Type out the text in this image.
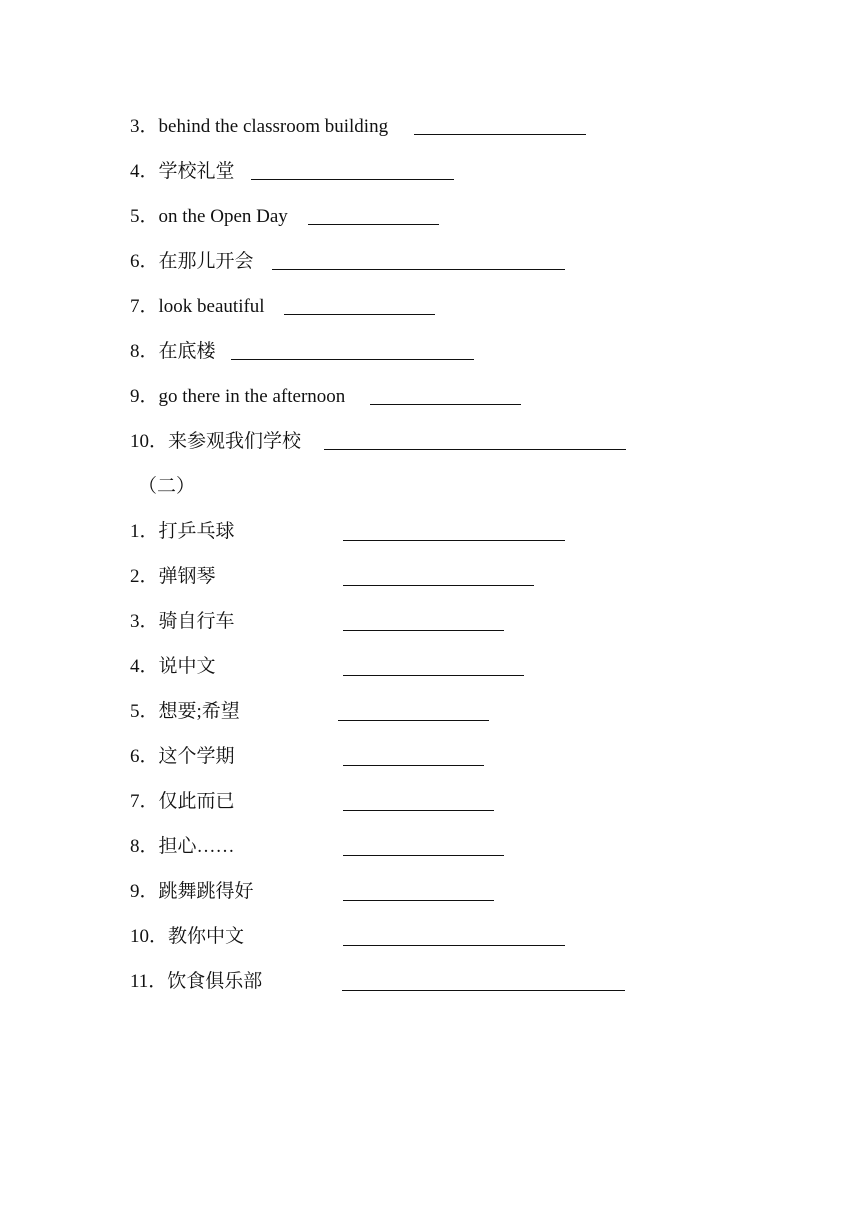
3．behind the classroom building
4．学校礼堂
5．on the Open Day
6．在那儿开会
7．look beautiful
8．在底楼
9．go there in the afternoon
10．来参观我们学校
（二）
1．打乒乓球
2．弹钢琴
3．骑自行车
4．说中文
5．想要;希望
6．这个学期
7．仅此而已
8．担心……
9．跳舞跳得好
10．教你中文
11．饮食俱乐部
